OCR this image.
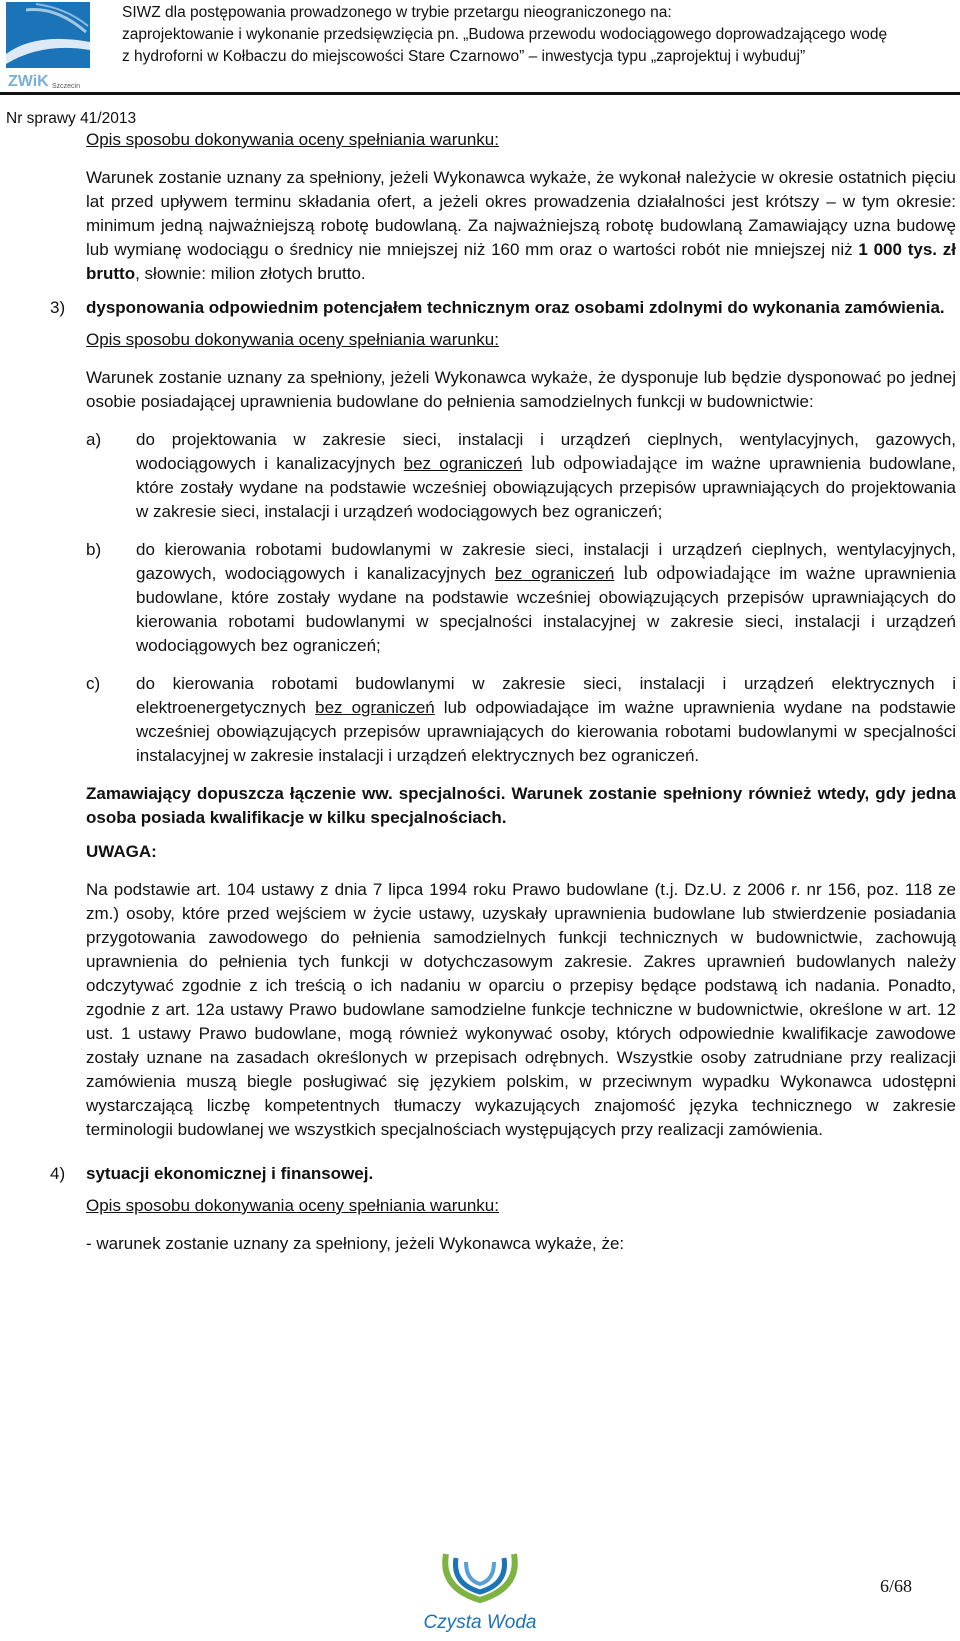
ZWiK Szczecin
SIWZ dla postępowania prowadzonego w trybie przetargu nieograniczonego na:
zaprojektowanie i wykonanie przedsięwzięcia pn. „Budowa przewodu wodociągowego doprowadzającego wodę
z hydroforni w Kołbaczu do miejscowości Stare Czarnowo” – inwestycja typu „zaprojektuj i wybuduj”
Nr sprawy 41/2013

Opis sposobu dokonywania oceny spełniania warunku:

Warunek zostanie uznany za spełniony, jeżeli Wykonawca wykaże, że wykonał należycie w okresie ostatnich pięciu lat przed upływem terminu składania ofert, a jeżeli okres prowadzenia działalności jest krótszy – w tym okresie: minimum jedną najważniejszą robotę budowlaną. Za najważniejszą robotę budowlaną Zamawiający uzna budowę lub wymianę wodociągu o średnicy nie mniejszej niż 160 mm oraz o wartości robót nie mniejszej niż 1 000 tys. zł brutto, słownie: milion złotych brutto.

3) dysponowania odpowiednim potencjałem technicznym oraz osobami zdolnymi do wykonania zamówienia.

Opis sposobu dokonywania oceny spełniania warunku:

Warunek zostanie uznany za spełniony, jeżeli Wykonawca wykaże, że dysponuje lub będzie dysponować po jednej osobie posiadającej uprawnienia budowlane do pełnienia samodzielnych funkcji w budownictwie:

a) do projektowania w zakresie sieci, instalacji i urządzeń cieplnych, wentylacyjnych, gazowych, wodociągowych i kanalizacyjnych bez ograniczeń lub odpowiadające im ważne uprawnienia budowlane, które zostały wydane na podstawie wcześniej obowiązujących przepisów uprawniających do projektowania w zakresie sieci, instalacji i urządzeń wodociągowych bez ograniczeń;
b) do kierowania robotami budowlanymi w zakresie sieci, instalacji i urządzeń cieplnych, wentylacyjnych, gazowych, wodociągowych i kanalizacyjnych bez ograniczeń lub odpowiadające im ważne uprawnienia budowlane, które zostały wydane na podstawie wcześniej obowiązujących przepisów uprawniających do kierowania robotami budowlanymi w specjalności instalacyjnej w zakresie sieci, instalacji i urządzeń wodociągowych bez ograniczeń;
c) do kierowania robotami budowlanymi w zakresie sieci, instalacji i urządzeń elektrycznych i elektroenergetycznych bez ograniczeń lub odpowiadające im ważne uprawnienia wydane na podstawie wcześniej obowiązujących przepisów uprawniających do kierowania robotami budowlanymi w specjalności instalacyjnej w zakresie instalacji i urządzeń elektrycznych bez ograniczeń.

Zamawiający dopuszcza łączenie ww. specjalności. Warunek zostanie spełniony również wtedy, gdy jedna osoba posiada kwalifikacje w kilku specjalnościach.

UWAGA:

Na podstawie art. 104 ustawy z dnia 7 lipca 1994 roku Prawo budowlane (t.j. Dz.U. z 2006 r. nr 156, poz. 118 ze zm.) osoby, które przed wejściem w życie ustawy, uzyskały uprawnienia budowlane lub stwierdzenie posiadania przygotowania zawodowego do pełnienia samodzielnych funkcji technicznych w budownictwie, zachowują uprawnienia do pełnienia tych funkcji w dotychczasowym zakresie. Zakres uprawnień budowlanych należy odczytywać zgodnie z ich treścią o ich nadaniu w oparciu o przepisy będące podstawą ich nadania. Ponadto, zgodnie z art. 12a ustawy Prawo budowlane samodzielne funkcje techniczne w budownictwie, określone w art. 12 ust. 1 ustawy Prawo budowlane, mogą również wykonywać osoby, których odpowiednie kwalifikacje zawodowe zostały uznane na zasadach określonych w przepisach odrębnych. Wszystkie osoby zatrudniane przy realizacji zamówienia muszą biegle posługiwać się językiem polskim, w przeciwnym wypadku Wykonawca udostępni wystarczającą liczbę kompetentnych tłumaczy wykazujących znajomość języka technicznego w zakresie terminologii budowlanej we wszystkich specjalnościach występujących przy realizacji zamówienia.

4) sytuacji ekonomicznej i finansowej.

Opis sposobu dokonywania oceny spełniania warunku:

- warunek zostanie uznany za spełniony, jeżeli Wykonawca wykaże, że:

Czysta Woda
6/68
